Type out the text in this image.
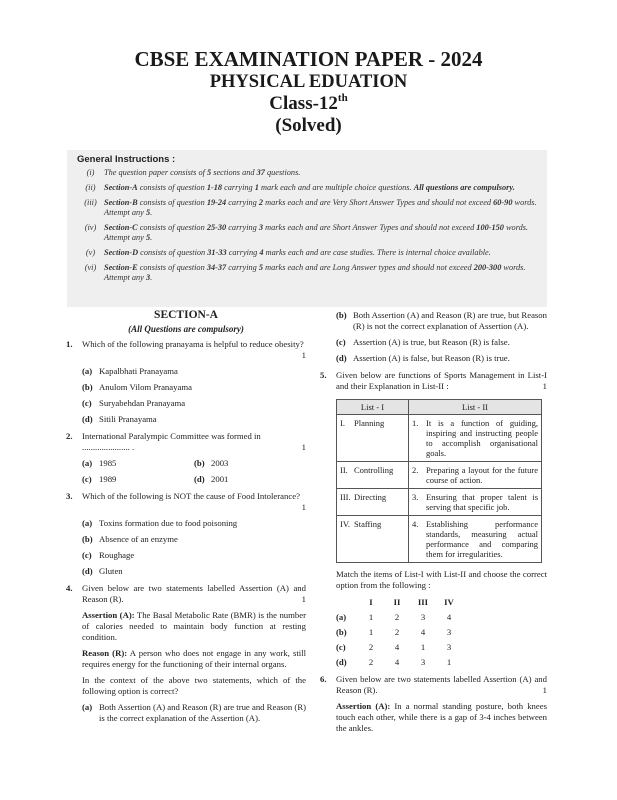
CBSE EXAMINATION PAPER - 2024
PHYSICAL EDUATION
Class-12th
(Solved)
General Instructions :
(i)	The question paper consists of 5 sections and 37 questions.
(ii)	Section-A consists of question 1-18 carrying 1 mark each and are multiple choice questions. All questions are compulsory.
(iii) Section-B consists of question 19-24 carrying 2 marks each and are Very Short Answer Types and should not exceed 60-90 words. Attempt any 5.
(iv) Section-C consists of question 25-30 carrying 3 marks each and are Short Answer Types and should not exceed 100-150 words. Attempt any 5.
(v)	Section-D consists of question 31-33 carrying 4 marks each and are case studies. There is internal choice available.
(vi) Section-E consists of question 34-37 carrying 5 marks each and are Long Answer types and should not exceed 200-300 words. Attempt any 3.
SECTION-A
(All Questions are compulsory)
1.	Which of the following pranayama is helpful to reduce obesity?
1
(a) Kapalbhati Pranayama
(b) Anulom Vilom Pranayama
(c) Suryabehdan Pranayama
(d) Sitili Pranayama
2.	International Paralympic Committee was formed in
...................... .	1
(a) 1985	(b) 2003
(c) 1989	(d) 2001
3.	Which of the following is NOT the cause of Food Intolerance?
1
(a) Toxins formation due to food poisoning
(b) Absence of an enzyme
(c) Roughage
(d) Gluten
4.	Given below are two statements labelled Assertion (A) and Reason (R).	1
Assertion (A): The Basal Metabolic Rate (BMR) is the number of calories needed to maintain body function at resting condition.
Reason (R): A person who does not engage in any work, still requires energy for the functioning of their internal organs.
In the context of the above two statements, which of the following option is correct?
(a) Both Assertion (A) and Reason (R) are true and Reason (R) is the correct explanation of the Assertion (A).
(b) Both Assertion (A) and Reason (R) are true, but Reason (R) is not the correct explanation of Assertion (A).
(c) Assertion (A) is true, but Reason (R) is false.
(d) Assertion (A) is false, but Reason (R) is true.
5.	Given below are functions of Sports Management in List-I and their Explanation in List-II :	1
List - I	List - II

I. Planning	1. It is a function of guiding, inspiring and instructing people to accomplish organisational goals.

II. Controlling	2. Preparing a layout for the future course of action.

III. Directing	3. Ensuring that proper talent is serving that specific job.

IV. Staffing	4. Establishing performance standards, measuring actual performance and comparing them for irregularities.
Match the items of List-I with List-II and choose the correct option from the following :
	I	II	III	IV
(a)	1	2	3	4
(b)	1	2	4	3
(c)	2	4	1	3
(d)	2	4	3	1
6.	Given below are two statements labelled Assertion (A) and Reason (R).	1
Assertion (A): In a normal standing posture, both knees touch each other, while there is a gap of 3-4 inches between the ankles.
